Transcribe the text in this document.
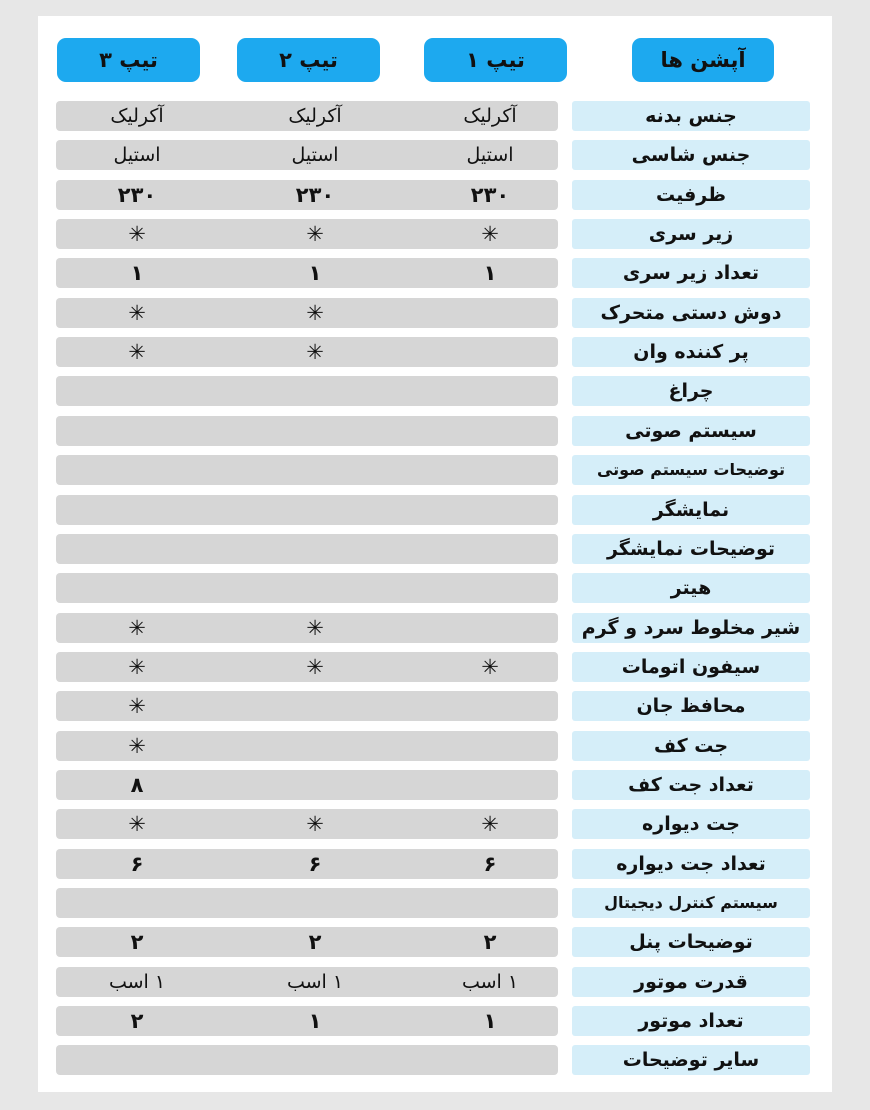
آپشن ها
تیپ ۱
تیپ ۲
تیپ ۳
جنس بدنه
آکرلیک
آکرلیک
آکرلیک
جنس شاسی
استیل
استیل
استیل
ظرفیت
۲۳۰
۲۳۰
۲۳۰
زیر سری
✳
✳
✳
تعداد زیر سری
۱
۱
۱
دوش دستی متحرک
✳
✳
پر کننده وان
✳
✳
چراغ
سیستم صوتی
توضیحات سیستم صوتی
نمایشگر
توضیحات نمایشگر
هیتر
شیر مخلوط سرد و گرم
✳
✳
سیفون اتومات
✳
✳
✳
محافظ جان
✳
جت کف
✳
تعداد جت کف
۸
جت دیواره
✳
✳
✳
تعداد جت دیواره
۶
۶
۶
سیستم کنترل دیجیتال
توضیحات پنل
۲
۲
۲
قدرت موتور
۱ اسب
۱ اسب
۱ اسب
تعداد موتور
۱
۱
۲
سایر توضیحات
